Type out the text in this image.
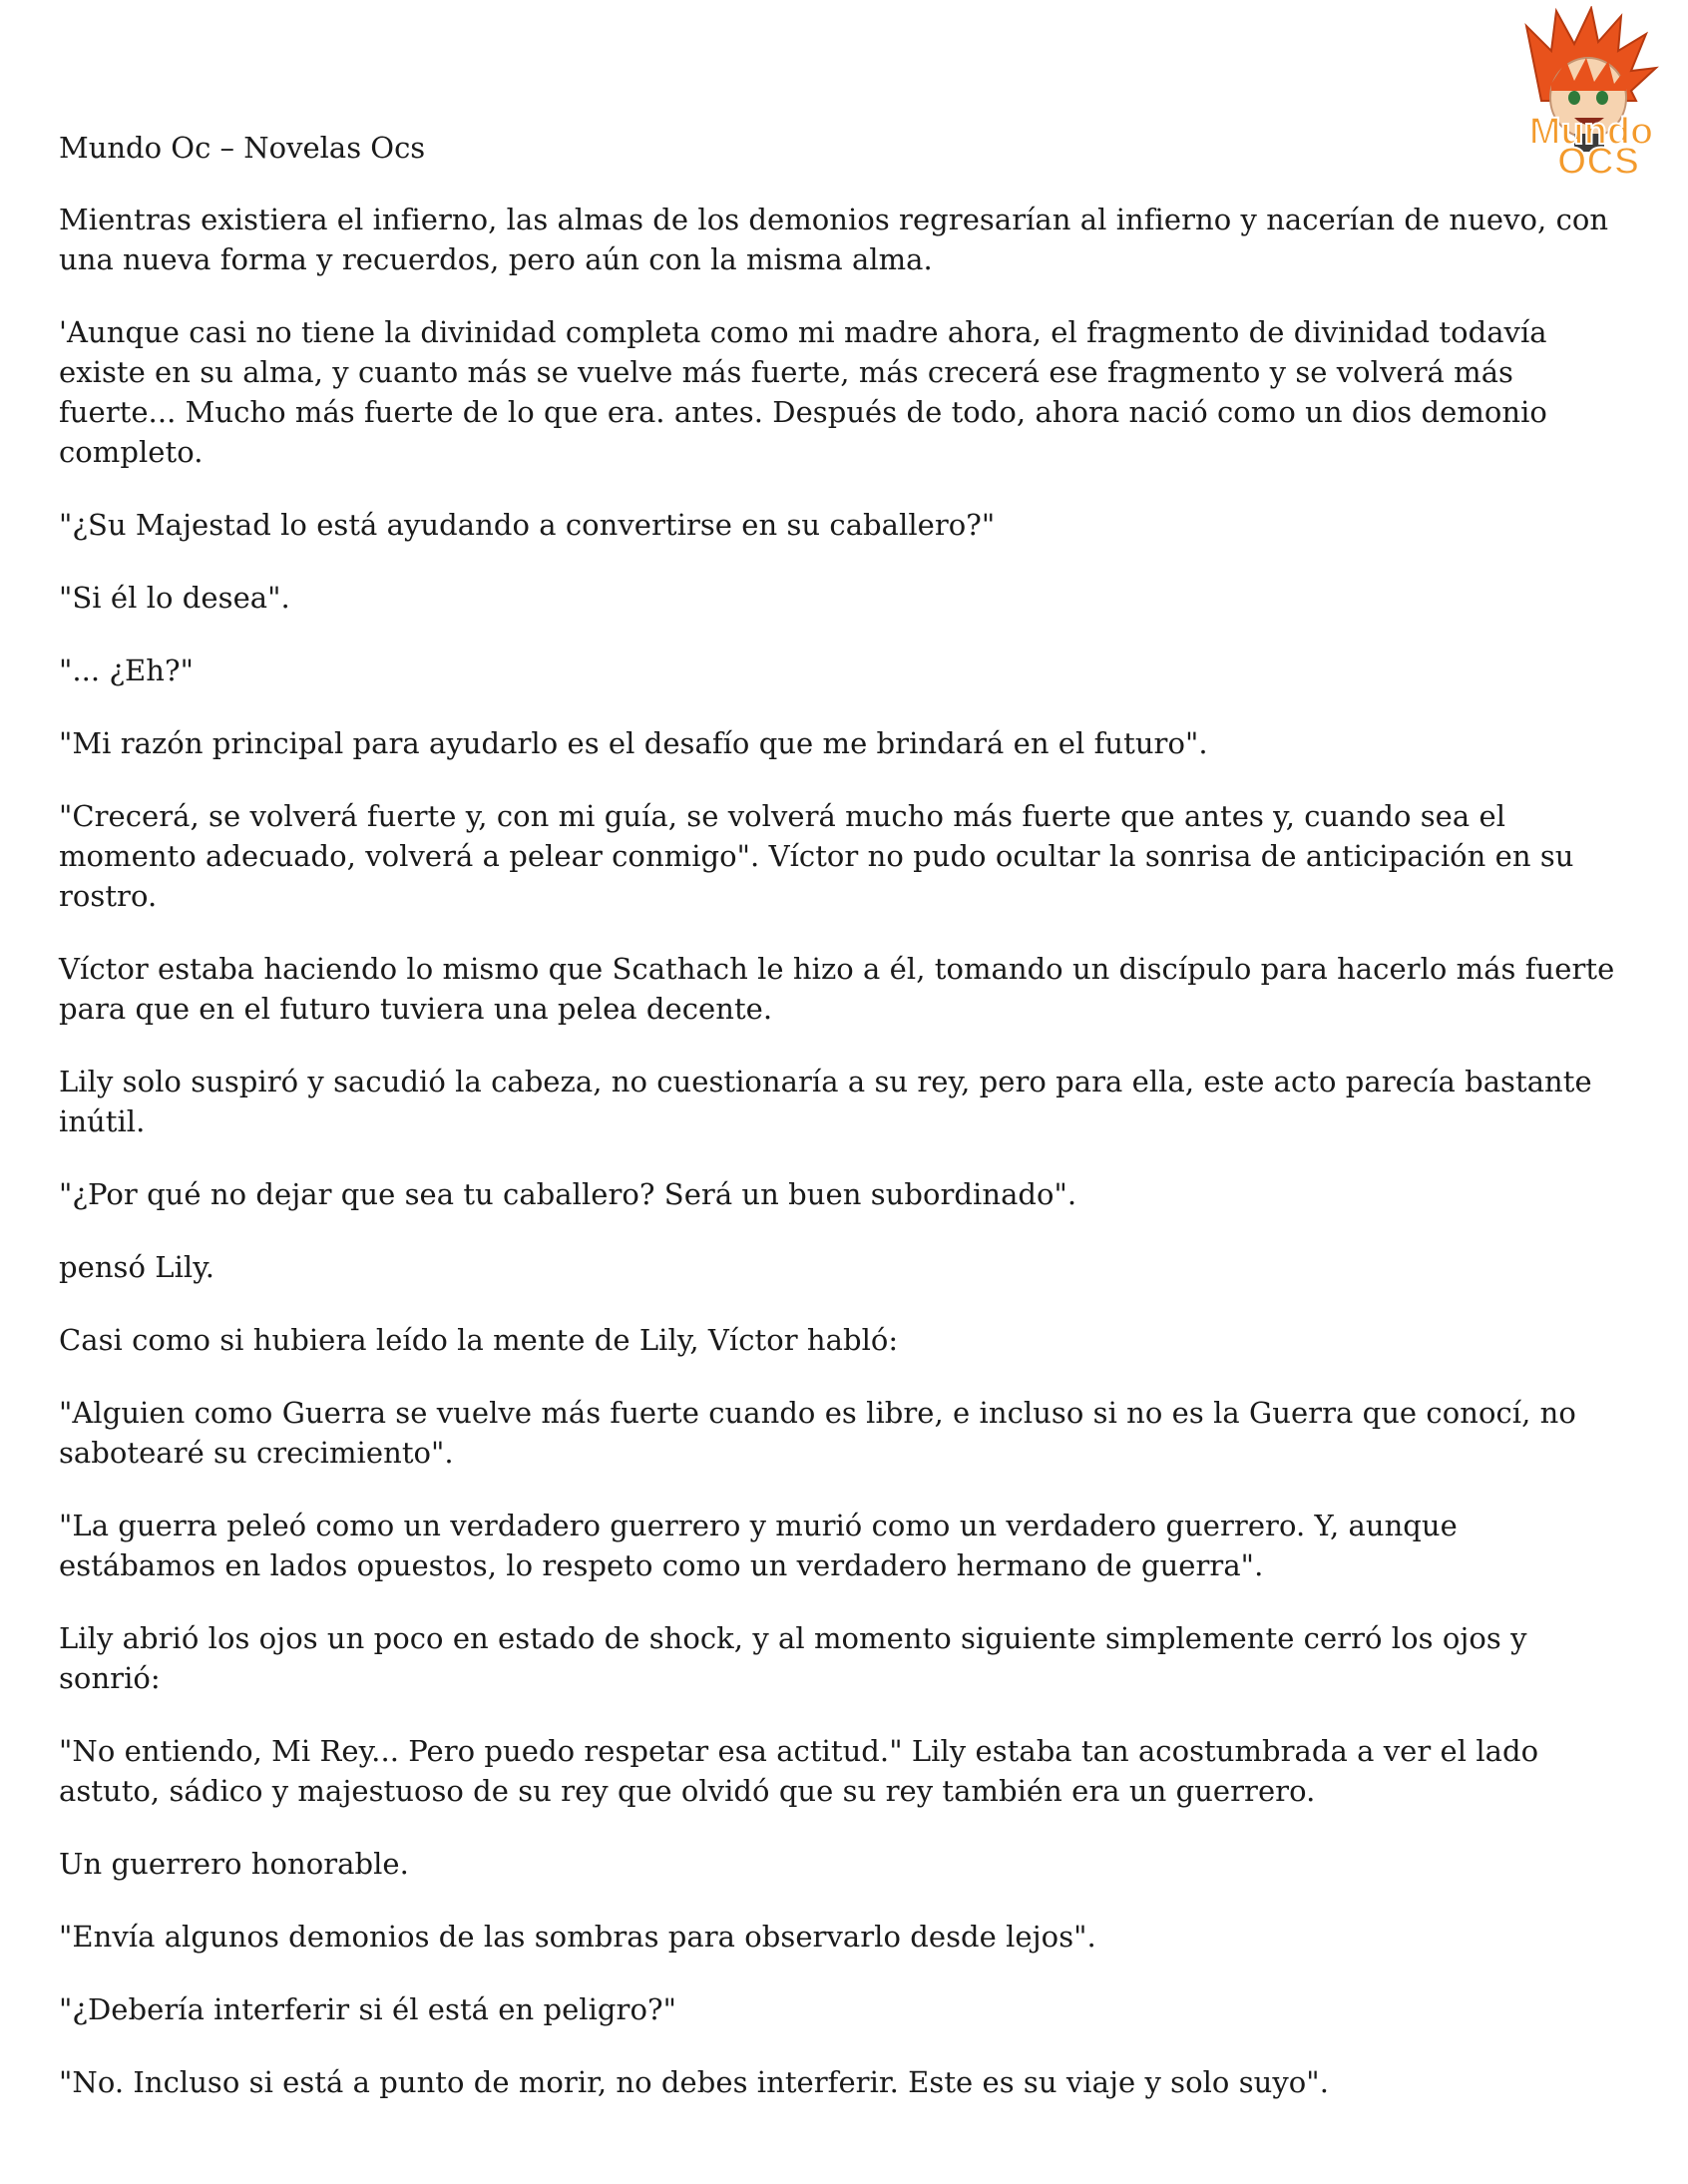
Mundo
OCS
Mundo Oc – Novelas Ocs

Mientras existiera el infierno, las almas de los demonios regresarían al infierno y nacerían de nuevo, con una nueva forma y recuerdos, pero aún con la misma alma.

'Aunque casi no tiene la divinidad completa como mi madre ahora, el fragmento de divinidad todavía existe en su alma, y cuanto más se vuelve más fuerte, más crecerá ese fragmento y se volverá más fuerte... Mucho más fuerte de lo que era. antes. Después de todo, ahora nació como un dios demonio completo.

"¿Su Majestad lo está ayudando a convertirse en su caballero?"

"Si él lo desea".

"... ¿Eh?"

"Mi razón principal para ayudarlo es el desafío que me brindará en el futuro".

"Crecerá, se volverá fuerte y, con mi guía, se volverá mucho más fuerte que antes y, cuando sea el momento adecuado, volverá a pelear conmigo". Víctor no pudo ocultar la sonrisa de anticipación en su rostro.

Víctor estaba haciendo lo mismo que Scathach le hizo a él, tomando un discípulo para hacerlo más fuerte para que en el futuro tuviera una pelea decente.

Lily solo suspiró y sacudió la cabeza, no cuestionaría a su rey, pero para ella, este acto parecía bastante inútil.

"¿Por qué no dejar que sea tu caballero? Será un buen subordinado".

pensó Lily.

Casi como si hubiera leído la mente de Lily, Víctor habló:

"Alguien como Guerra se vuelve más fuerte cuando es libre, e incluso si no es la Guerra que conocí, no sabotearé su crecimiento".

"La guerra peleó como un verdadero guerrero y murió como un verdadero guerrero. Y, aunque estábamos en lados opuestos, lo respeto como un verdadero hermano de guerra".

Lily abrió los ojos un poco en estado de shock, y al momento siguiente simplemente cerró los ojos y sonrió:

"No entiendo, Mi Rey... Pero puedo respetar esa actitud." Lily estaba tan acostumbrada a ver el lado astuto, sádico y majestuoso de su rey que olvidó que su rey también era un guerrero.

Un guerrero honorable.

"Envía algunos demonios de las sombras para observarlo desde lejos".

"¿Debería interferir si él está en peligro?"

"No. Incluso si está a punto de morir, no debes interferir. Este es su viaje y solo suyo".
